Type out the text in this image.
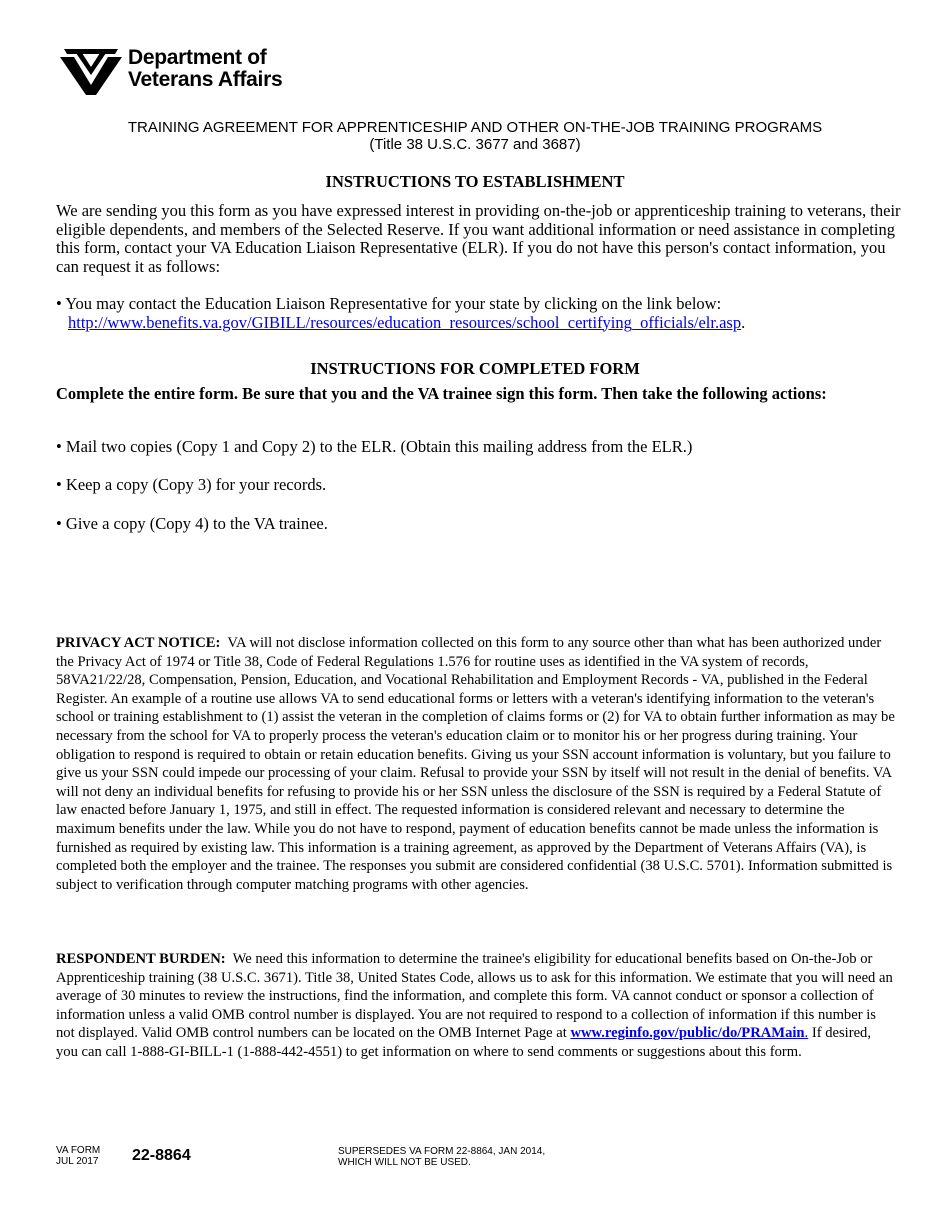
Department of
Veterans Affairs
TRAINING AGREEMENT FOR APPRENTICESHIP AND OTHER ON-THE-JOB TRAINING PROGRAMS
(Title 38 U.S.C. 3677 and 3687)
INSTRUCTIONS TO ESTABLISHMENT
We are sending you this form as you have expressed interest in providing on-the-job or apprenticeship training to veterans, their eligible dependents, and members of the Selected Reserve. If you want additional information or need assistance in completing this form, contact your VA Education Liaison Representative (ELR). If you do not have this person's contact information, you can request it as follows:
• You may contact the Education Liaison Representative for your state by clicking on the link below:
http://www.benefits.va.gov/GIBILL/resources/education_resources/school_certifying_officials/elr.asp.
INSTRUCTIONS FOR COMPLETED FORM
Complete the entire form. Be sure that you and the VA trainee sign this form. Then take the following actions:
• Mail two copies (Copy 1 and Copy 2) to the ELR. (Obtain this mailing address from the ELR.)
• Keep a copy (Copy 3) for your records.
• Give a copy (Copy 4) to the VA trainee.
PRIVACY ACT NOTICE: VA will not disclose information collected on this form to any source other than what has been authorized under the Privacy Act of 1974 or Title 38, Code of Federal Regulations 1.576 for routine uses as identified in the VA system of records, 58VA21/22/28, Compensation, Pension, Education, and Vocational Rehabilitation and Employment Records - VA, published in the Federal Register. An example of a routine use allows VA to send educational forms or letters with a veteran's identifying information to the veteran's school or training establishment to (1) assist the veteran in the completion of claims forms or (2) for VA to obtain further information as may be necessary from the school for VA to properly process the veteran's education claim or to monitor his or her progress during training. Your obligation to respond is required to obtain or retain education benefits. Giving us your SSN account information is voluntary, but you failure to give us your SSN could impede our processing of your claim. Refusal to provide your SSN by itself will not result in the denial of benefits. VA will not deny an individual benefits for refusing to provide his or her SSN unless the disclosure of the SSN is required by a Federal Statute of law enacted before January 1, 1975, and still in effect. The requested information is considered relevant and necessary to determine the maximum benefits under the law. While you do not have to respond, payment of education benefits cannot be made unless the information is furnished as required by existing law. This information is a training agreement, as approved by the Department of Veterans Affairs (VA), is completed both the employer and the trainee. The responses you submit are considered confidential (38 U.S.C. 5701). Information submitted is subject to verification through computer matching programs with other agencies.
RESPONDENT BURDEN: We need this information to determine the trainee's eligibility for educational benefits based on On-the-Job or Apprenticeship training (38 U.S.C. 3671). Title 38, United States Code, allows us to ask for this information. We estimate that you will need an average of 30 minutes to review the instructions, find the information, and complete this form. VA cannot conduct or sponsor a collection of information unless a valid OMB control number is displayed. You are not required to respond to a collection of information if this number is not displayed. Valid OMB control numbers can be located on the OMB Internet Page at www.reginfo.gov/public/do/PRAMain. If desired, you can call 1-888-GI-BILL-1 (1-888-442-4551) to get information on where to send comments or suggestions about this form.
VA FORM
JUL 2017 22-8864	SUPERSEDES VA FORM 22-8864, JAN 2014,
WHICH WILL NOT BE USED.
